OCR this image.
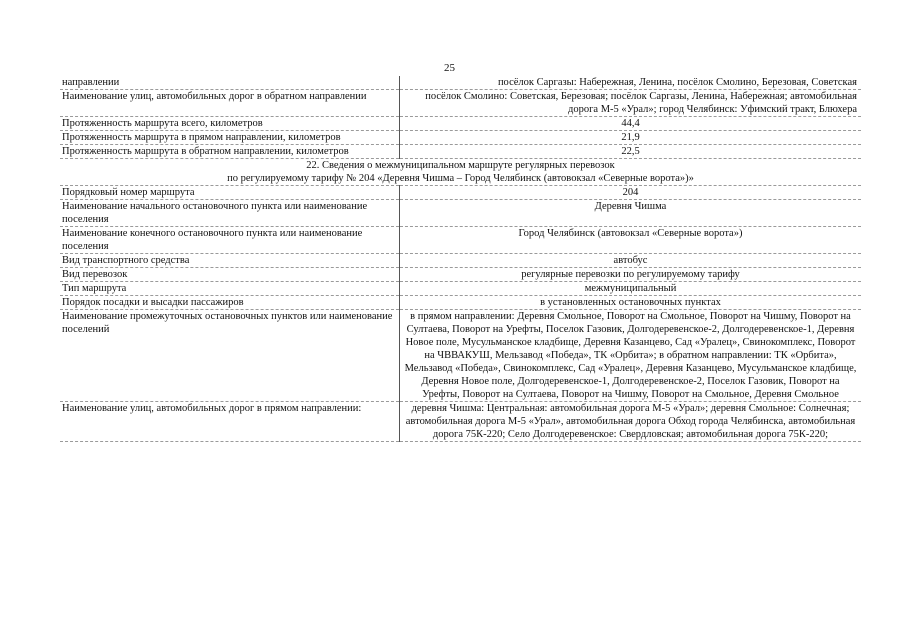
25
направлении	посёлок Саргазы: Набережная, Ленина, посёлок Смолино, Березовая, Советская
Наименование улиц, автомобильных дорог в обратном направлении	посёлок Смолино: Советская, Березовая; посёлок Саргазы, Ленина, Набережная; автомобильная дорога М-5 «Урал»; город Челябинск: Уфимский тракт, Блюхера
Протяженность маршрута всего, километров	44,4
Протяженность маршрута в прямом направлении, километров	21,9
Протяженность маршрута в обратном направлении, километров	22,5

22. Сведения о межмуниципальном маршруте регулярных перевозок
по регулируемому тарифу № 204 «Деревня Чишма – Город Челябинск (автовокзал «Северные ворота»)»	

Порядковый номер маршрута	204
Наименование начального остановочного пункта или наименование поселения	Деревня Чишма
Наименование конечного остановочного пункта или наименование поселения	Город Челябинск (автовокзал «Северные ворота»)
Вид транспортного средства	автобус
Вид перевозок	регулярные перевозки по регулируемому тарифу
Тип маршрута	межмуниципальный
Порядок посадки и высадки пассажиров	в установленных остановочных пунктах
Наименование промежуточных остановочных пунктов или наименование поселений	в прямом направлении: Деревня Смольное, Поворот на Смольное, Поворот на Чишму, Поворот на Султаева, Поворот на Урефты, Поселок Газовик, Долгодеревенское-2, Долгодеревенское-1, Деревня Новое поле, Мусульманское кладбище, Деревня Казанцево, Сад «Уралец», Свинокомплекс, Поворот на ЧВВАКУШ, Мельзавод «Победа», ТК «Орбита»; в обратном направлении: ТК «Орбита», Мельзавод «Победа», Свинокомплекс, Сад «Уралец», Деревня Казанцево, Мусульманское кладбище, Деревня Новое поле, Долгодеревенское-1, Долгодеревенское-2, Поселок Газовик, Поворот на Урефты, Поворот на Султаева, Поворот на Чишму, Поворот на Смольное, Деревня Смольное
Наименование улиц, автомобильных дорог в прямом направлении:	деревня Чишма: Центральная: автомобильная дорога М-5 «Урал»; деревня Смольное: Солнечная; автомобильная дорога М-5 «Урал», автомобильная дорога Обход города Челябинска, автомобильная дорога 75К-220; Село Долгодеревенское: Свердловская; автомобильная дорога 75К-220;
